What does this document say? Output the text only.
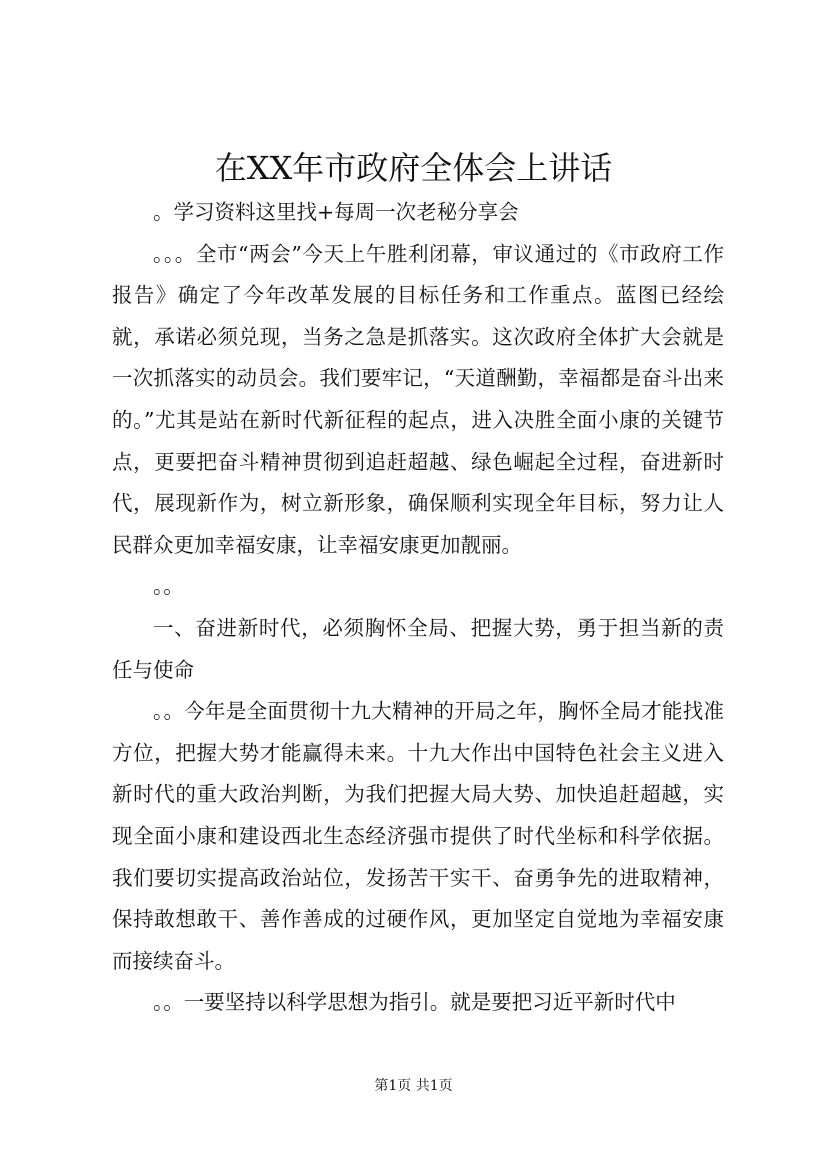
在XX年市政府全体会上讲话

。学习资料这里找+每周一次老秘分享会

。。。全市“两会”今天上午胜利闭幕，审议通过的《市政府工作报告》确定了今年改革发展的目标任务和工作重点。蓝图已经绘就，承诺必须兑现，当务之急是抓落实。这次政府全体扩大会就是一次抓落实的动员会。我们要牢记，“天道酬勤，幸福都是奋斗出来的。”尤其是站在新时代新征程的起点，进入决胜全面小康的关键节点，更要把奋斗精神贯彻到追赶超越、绿色崛起全过程，奋进新时代，展现新作为，树立新形象，确保顺利实现全年目标，努力让人民群众更加幸福安康，让幸福安康更加靓丽。

。。

一、奋进新时代，必须胸怀全局、把握大势，勇于担当新的责任与使命

。。今年是全面贯彻十九大精神的开局之年，胸怀全局才能找准方位，把握大势才能赢得未来。十九大作出中国特色社会主义进入新时代的重大政治判断，为我们把握大局大势、加快追赶超越，实现全面小康和建设西北生态经济强市提供了时代坐标和科学依据。我们要切实提高政治站位，发扬苦干实干、奋勇争先的进取精神，保持敢想敢干、善作善成的过硬作风，更加坚定自觉地为幸福安康而接续奋斗。

。。一要坚持以科学思想为指引。就是要把习近平新时代中

第1页 共1页
